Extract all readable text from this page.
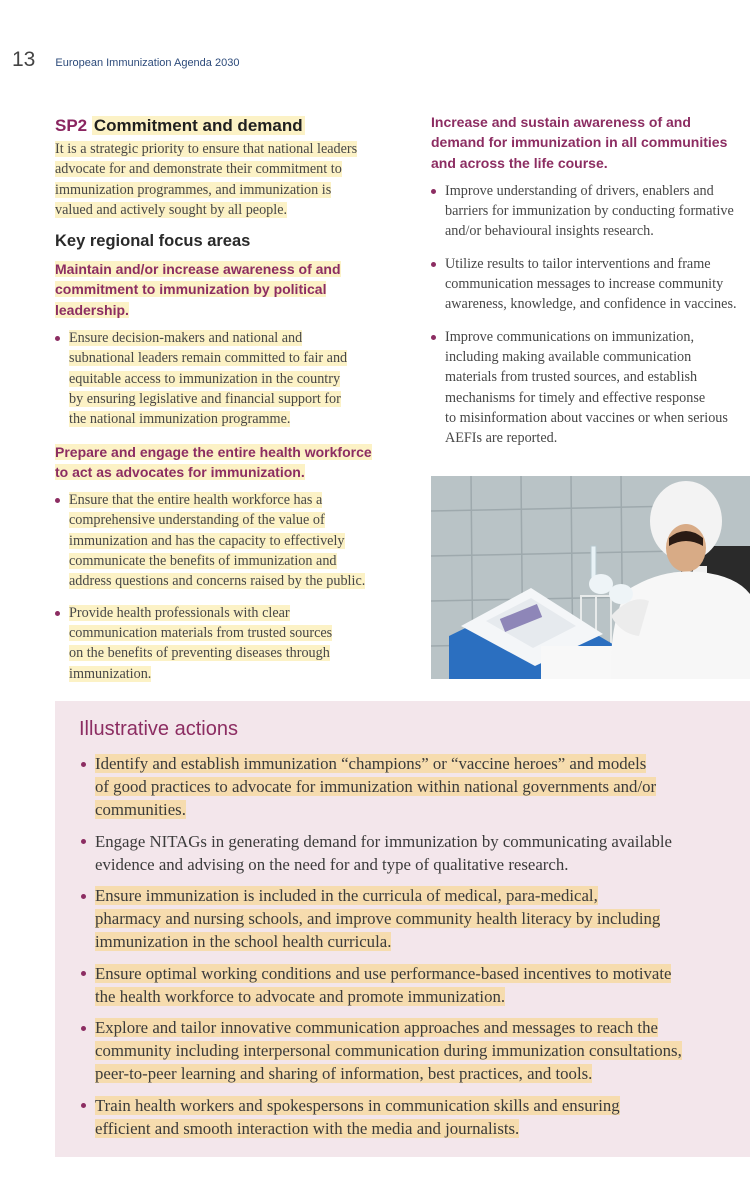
13 European Immunization Agenda 2030

SP2 Commitment and demand

It is a strategic priority to ensure that national leaders
advocate for and demonstrate their commitment to
immunization programmes, and immunization is
valued and actively sought by all people.

Key regional focus areas

Maintain and/or increase awareness of and
commitment to immunization by political
leadership.

Ensure decision-makers and national and
subnational leaders remain committed to fair and
equitable access to immunization in the country
by ensuring legislative and financial support for
the national immunization programme.

Prepare and engage the entire health workforce
to act as advocates for immunization.

Ensure that the entire health workforce has a
comprehensive understanding of the value of
immunization and has the capacity to effectively
communicate the benefits of immunization and
address questions and concerns raised by the public.
Provide health professionals with clear
communication materials from trusted sources
on the benefits of preventing diseases through
immunization.

Increase and sustain awareness of and
demand for immunization in all communities
and across the life course.

Improve understanding of drivers, enablers and
barriers for immunization by conducting formative
and/or behavioural insights research.
Utilize results to tailor interventions and frame
communication messages to increase community
awareness, knowledge, and confidence in vaccines.
Improve communications on immunization,
including making available communication
materials from trusted sources, and establish
mechanisms for timely and effective response
to misinformation about vaccines or when serious
AEFIs are reported.
Illustrative actions
Identify and establish immunization “champions” or “vaccine heroes” and models
of good practices to advocate for immunization within national governments and/or
communities.
Engage NITAGs in generating demand for immunization by communicating available
evidence and advising on the need for and type of qualitative research.
Ensure immunization is included in the curricula of medical, para-medical,
pharmacy and nursing schools, and improve community health literacy by including
immunization in the school health curricula.
Ensure optimal working conditions and use performance-based incentives to motivate
the health workforce to advocate and promote immunization.
Explore and tailor innovative communication approaches and messages to reach the
community including interpersonal communication during immunization consultations,
peer-to-peer learning and sharing of information, best practices, and tools.
Train health workers and spokespersons in communication skills and ensuring
efficient and smooth interaction with the media and journalists.
